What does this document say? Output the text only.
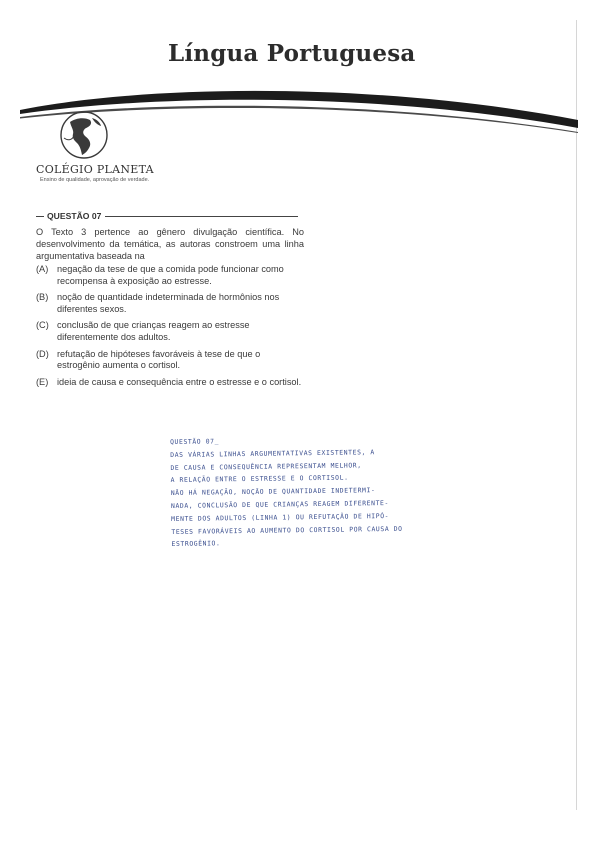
Língua Portuguesa
COLÉGIO PLANETA
Ensino de qualidade, aprovação de verdade.
QUESTÃO 07
O Texto 3 pertence ao gênero divulgação científica. No desenvolvimento da temática, as autoras constroem uma linha argumentativa baseada na
(A) negação da tese de que a comida pode funcionar como recompensa à exposição ao estresse.
(B) noção de quantidade indeterminada de hormônios nos diferentes sexos.
(C) conclusão de que crianças reagem ao estresse diferentemente dos adultos.
(D) refutação de hipóteses favoráveis à tese de que o estrogênio aumenta o cortisol.
(E) ideia de causa e consequência entre o estresse e o cortisol.
QUESTÃO 07_
DAS VÁRIAS LINHAS ARGUMENTATIVAS EXISTENTES, A
DE CAUSA E CONSEQUÊNCIA REPRESENTAM MELHOR,
A RELAÇÃO ENTRE O ESTRESSE E O CORTISOL.
NÃO HÁ NEGAÇÃO, NOÇÃO DE QUANTIDADE INDETERMI-
NADA, CONCLUSÃO DE QUE CRIANÇAS REAGEM DIFERENTE-
MENTE DOS ADULTOS (LINHA 1) OU REFUTAÇÃO DE HIPÓ-
TESES FAVORÁVEIS AO AUMENTO DO CORTISOL POR CAUSA DO
ESTROGÊNIO.
